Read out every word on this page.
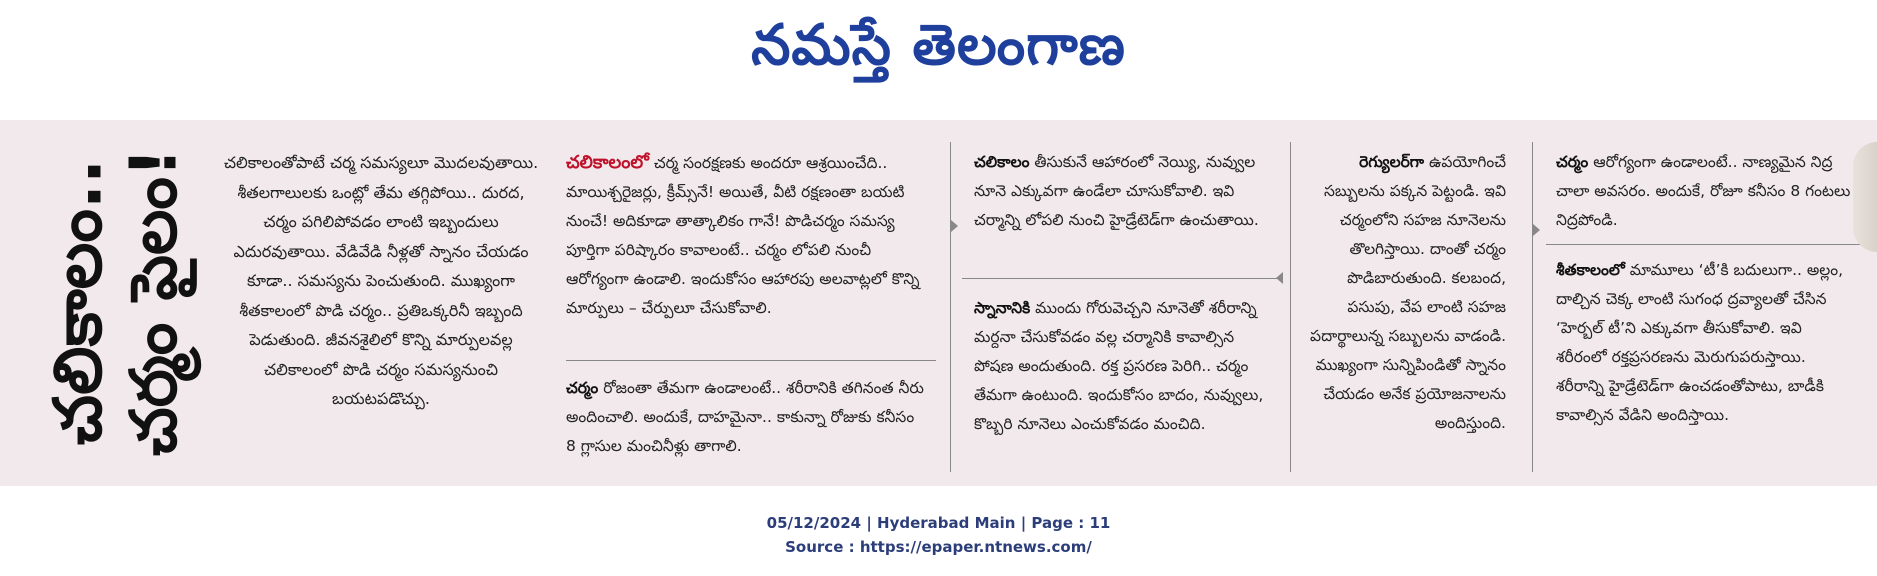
నమస్తే తెలంగాణ
చలికాలం.. చర్మం పైలం!	చలికాలంతోపాటే చర్మ సమస్యలూ మొదలవుతాయి. శీతలగాలులకు ఒంట్లో తేమ తగ్గిపోయి.. దురద, చర్మం పగిలిపోవడం లాంటి ఇబ్బందులు ఎదురవుతాయి. వేడివేడి నీళ్లతో స్నానం చేయడం కూడా.. సమస్యను పెంచుతుంది. ముఖ్యంగా శీతకాలంలో పొడి చర్మం.. ప్రతిఒక్కరినీ ఇబ్బంది పెడుతుంది. జీవనశైలిలో కొన్ని మార్పులవల్ల చలికాలంలో పొడి చర్మం సమస్యనుంచి బయటపడొచ్చు.

చలికాలంలో చర్మ సంరక్షణకు అందరూ ఆశ్రయించేది.. మాయిశ్చరైజర్లు, క్రీమ్స్‌నే! అయితే, వీటి రక్షణంతా బయటి నుంచే! అదికూడా తాత్కాలికం గానే! పొడిచర్మం సమస్య పూర్తిగా పరిష్కారం కావాలంటే.. చర్మం లోపలి నుంచీ ఆరోగ్యంగా ఉండాలి. ఇందుకోసం ఆహారపు అలవాట్లలో కొన్ని మార్పులు – చేర్పులూ చేసుకోవాలి.

చర్మం రోజంతా తేమగా ఉండాలంటే.. శరీరానికి తగినంత నీరు అందించాలి. అందుకే, దాహమైనా.. కాకున్నా రోజుకు కనీసం 8 గ్లాసుల మంచినీళ్లు తాగాలి.

చలికాలం తీసుకునే ఆహారంలో నెయ్యి, నువ్వుల నూనె ఎక్కువగా ఉండేలా చూసుకోవాలి. ఇవి చర్మాన్ని లోపలి నుంచి హైడ్రేటెడ్‌గా ఉంచుతాయి.

స్నానానికి ముందు గోరువెచ్చని నూనెతో శరీరాన్ని మర్దనా చేసుకోవడం వల్ల చర్మానికి కావాల్సిన పోషణ అందుతుంది. రక్త ప్రసరణ పెరిగి.. చర్మం తేమగా ఉంటుంది. ఇందుకోసం బాదం, నువ్వులు, కొబ్బరి నూనెలు ఎంచుకోవడం మంచిది.

రెగ్యులర్‌గా ఉపయోగించే సబ్బులను పక్కన పెట్టండి. ఇవి చర్మంలోని సహజ నూనెలను తొలగిస్తాయి. దాంతో చర్మం పొడిబారుతుంది. కలబంద, పసుపు, వేప లాంటి సహజ పదార్థాలున్న సబ్బులను వాడండి. ముఖ్యంగా సున్నిపిండితో స్నానం చేయడం అనేక ప్రయోజనాలను అందిస్తుంది.

చర్మం ఆరోగ్యంగా ఉండాలంటే.. నాణ్యమైన నిద్ర చాలా అవసరం. అందుకే, రోజూ కనీసం 8 గంటలు నిద్రపోండి.

శీతకాలంలో మామూలు ‘టీ’కి బదులుగా.. అల్లం, దాల్చిన చెక్క లాంటి సుగంధ ద్రవ్యాలతో చేసిన ‘హెర్బల్ టీ’ని ఎక్కువగా తీసుకోవాలి. ఇవి శరీరంలో రక్తప్రసరణను మెరుగుపరుస్తాయి. శరీరాన్ని హైడ్రేటెడ్‌గా ఉంచడంతోపాటు, బాడీకి కావాల్సిన వేడిని అందిస్తాయి.

05/12/2024 | Hyderabad Main | Page : 11
Source : https://epaper.ntnews.com/
